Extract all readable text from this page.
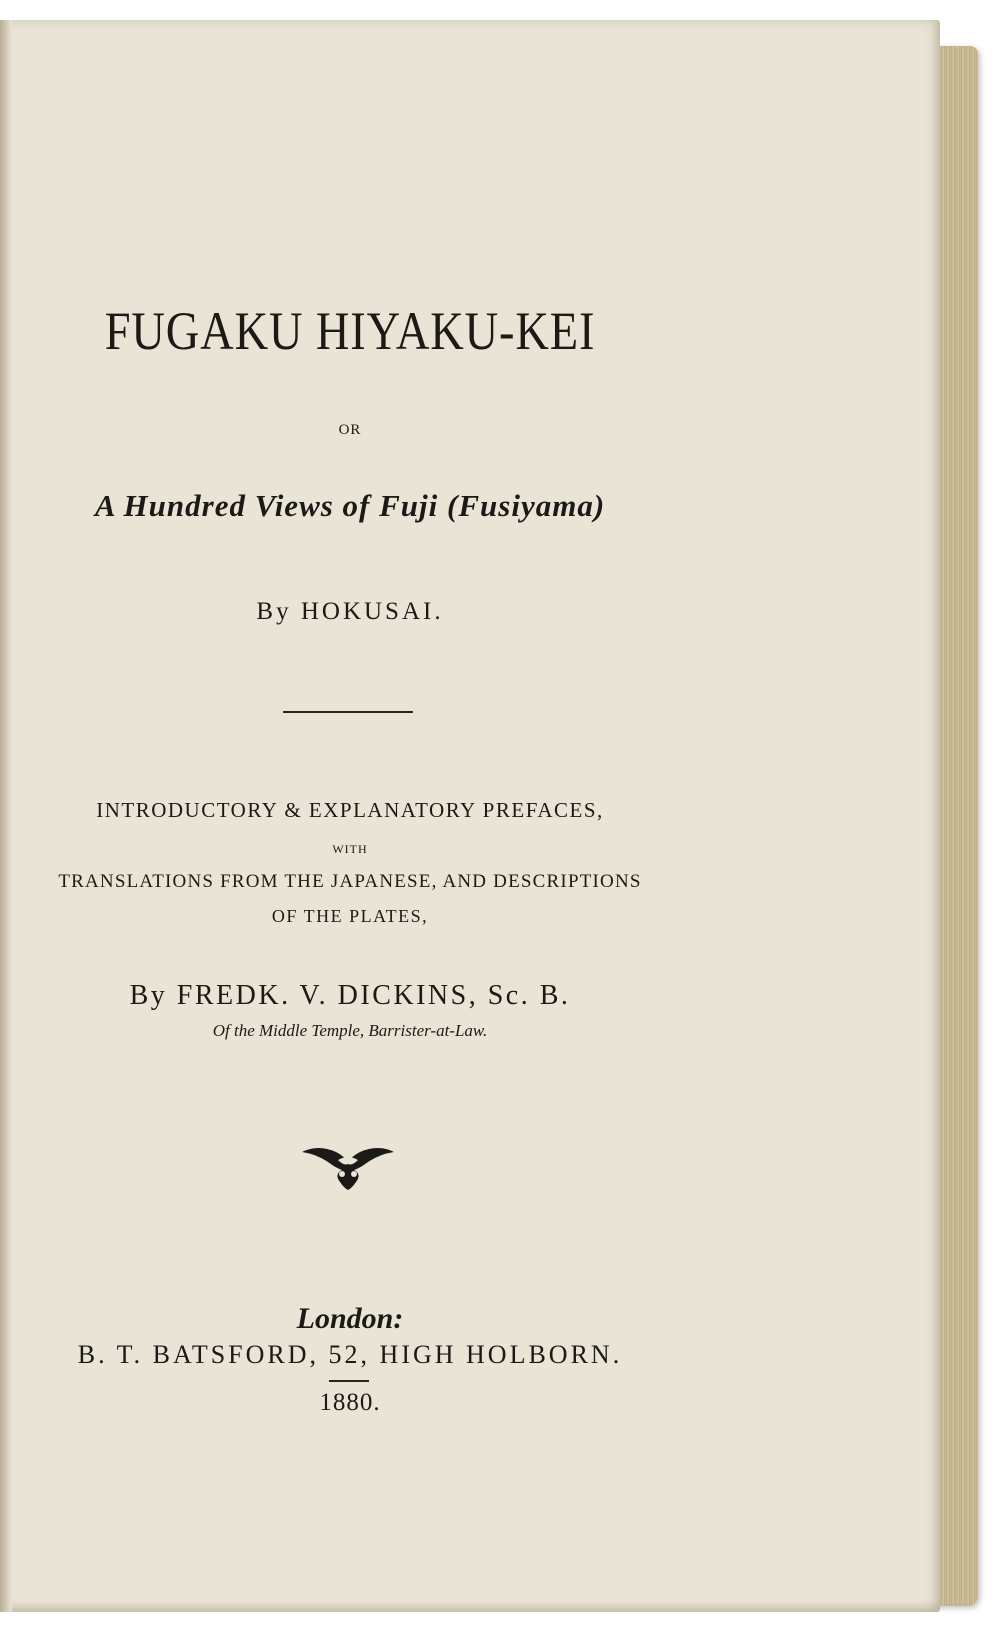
FUGAKU HIYAKU-KEI
OR
A Hundred Views of Fuji (Fusiyama)
By HOKUSAI.
INTRODUCTORY & EXPLANATORY PREFACES,
WITH
TRANSLATIONS FROM THE JAPANESE, AND DESCRIPTIONS
OF THE PLATES,
By FREDK. V. DICKINS, Sc. B.
Of the Middle Temple, Barrister-at-Law.
London:
B. T. BATSFORD, 52, HIGH HOLBORN.
1880.
